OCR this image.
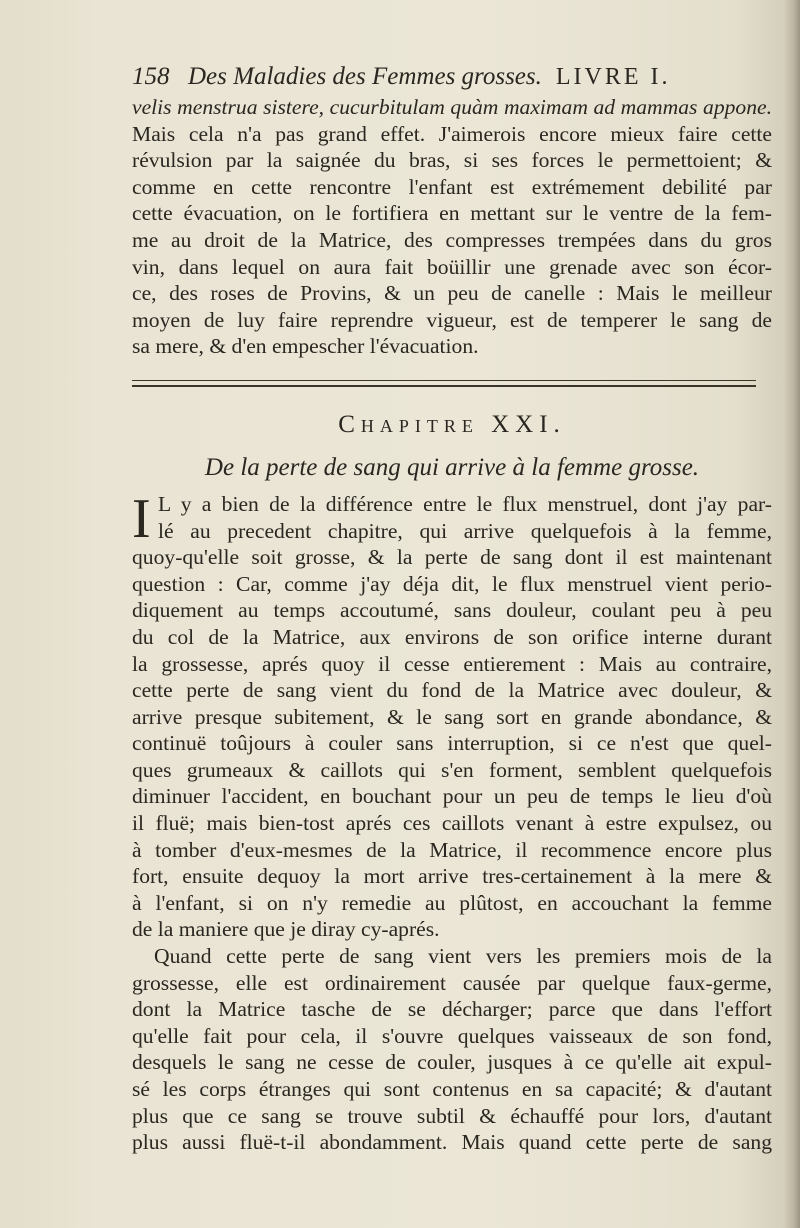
158 Des Maladies des Femmes grosses. LIVRE I.
velis menstrua sistere, cucurbitulam quàm maximam ad mammas appone.
Mais cela n'a pas grand effet. J'aimerois encore mieux faire cette
révulsion par la saignée du bras, si ses forces le permettoient; &
comme en cette rencontre l'enfant est extrémement debilité par
cette évacuation, on le fortifiera en mettant sur le ventre de la fem-
me au droit de la Matrice, des compresses trempées dans du gros
vin, dans lequel on aura fait boüillir une grenade avec son écor-
ce, des roses de Provins, & un peu de canelle : Mais le meilleur
moyen de luy faire reprendre vigueur, est de temperer le sang de
sa mere, & d'en empescher l'évacuation.
Chapitre XXI.
De la perte de sang qui arrive à la femme grosse.
I L y a bien de la différence entre le flux menstruel, dont j'ay par-
lé au precedent chapitre, qui arrive quelquefois à la femme,
quoy-qu'elle soit grosse, & la perte de sang dont il est maintenant
question : Car, comme j'ay déja dit, le flux menstruel vient perio-
diquement au temps accoutumé, sans douleur, coulant peu à peu
du col de la Matrice, aux environs de son orifice interne durant
la grossesse, aprés quoy il cesse entierement : Mais au contraire,
cette perte de sang vient du fond de la Matrice avec douleur, &
arrive presque subitement, & le sang sort en grande abondance, &
continuë toûjours à couler sans interruption, si ce n'est que quel-
ques grumeaux & caillots qui s'en forment, semblent quelquefois
diminuer l'accident, en bouchant pour un peu de temps le lieu d'où
il fluë; mais bien-tost aprés ces caillots venant à estre expulsez, ou
à tomber d'eux-mesmes de la Matrice, il recommence encore plus
fort, ensuite dequoy la mort arrive tres-certainement à la mere &
à l'enfant, si on n'y remedie au plûtost, en accouchant la femme
de la maniere que je diray cy-aprés.
Quand cette perte de sang vient vers les premiers mois de la
grossesse, elle est ordinairement causée par quelque faux-germe,
dont la Matrice tasche de se décharger; parce que dans l'effort
qu'elle fait pour cela, il s'ouvre quelques vaisseaux de son fond,
desquels le sang ne cesse de couler, jusques à ce qu'elle ait expul-
sé les corps étranges qui sont contenus en sa capacité; & d'autant
plus que ce sang se trouve subtil & échauffé pour lors, d'autant
plus aussi fluë-t-il abondamment. Mais quand cette perte de sang
